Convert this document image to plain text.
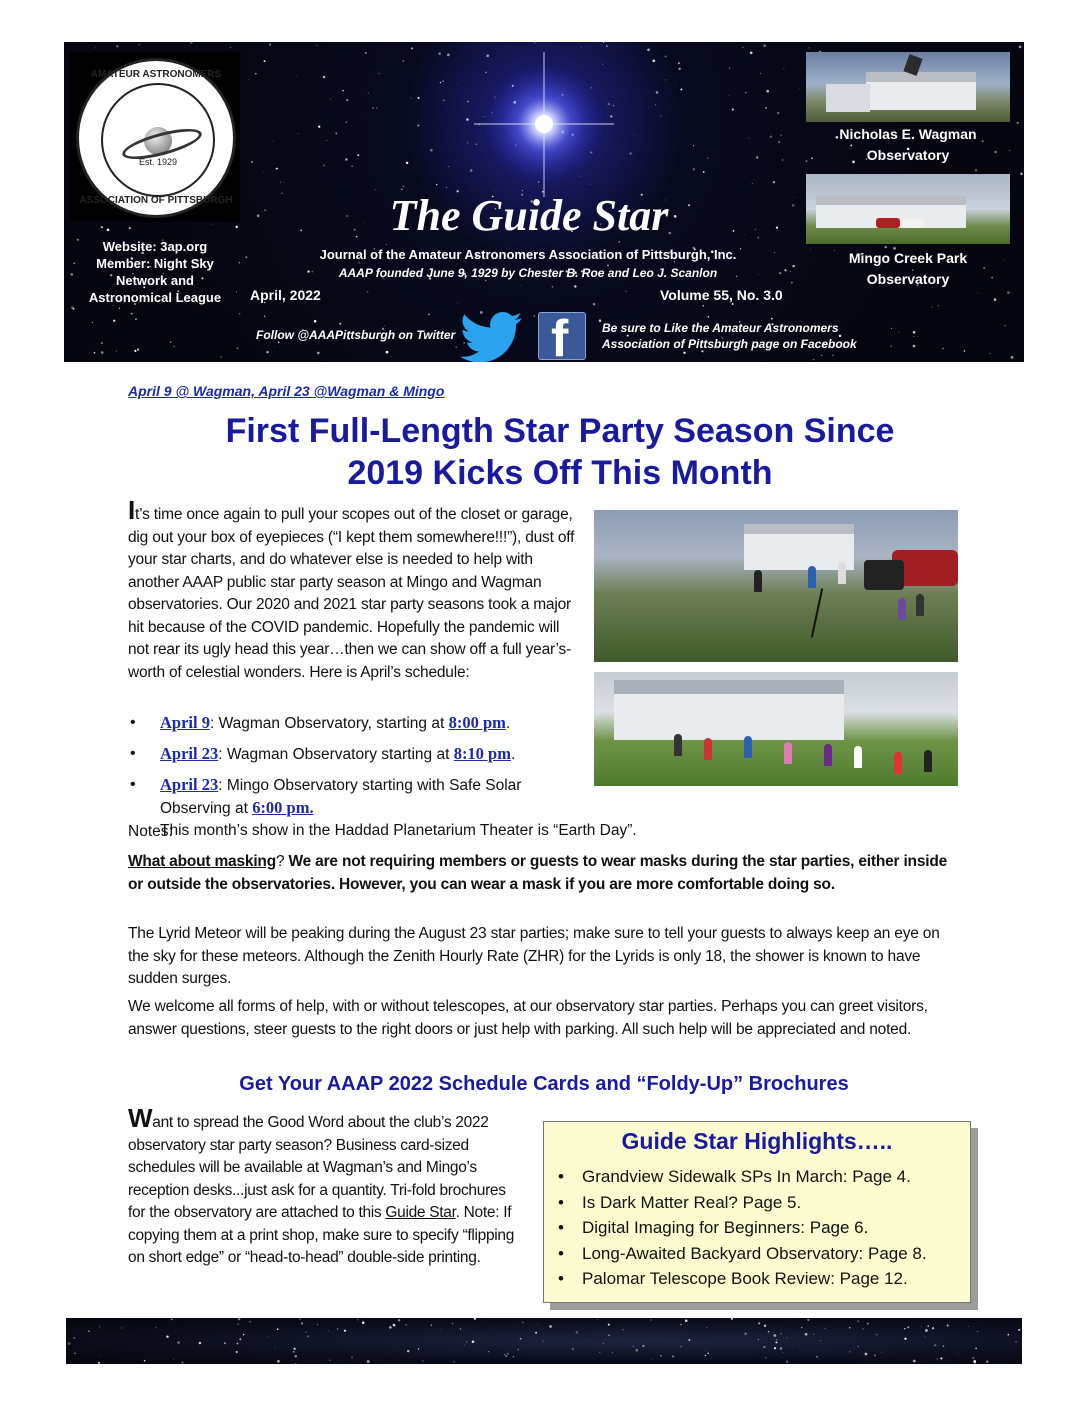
AMATEUR ASTRONOMERS
Est. 1929
ASSOCIATION OF PITTSBURGH
Website: 3ap.org
Member: Night Sky
Network and
Astronomical League
The Guide Star
Journal of the Amateur Astronomers Association of Pittsburgh, Inc.
AAAP founded June 9, 1929 by Chester B. Roe and Leo J. Scanlon
April, 2022	Volume 55, No. 3.0
Follow @AAAPittsburgh on Twitter f	Be sure to Like the Amateur Astronomers Association of Pittsburgh page on Facebook
Nicholas E. Wagman
Observatory
Mingo Creek Park
Observatory
April 9 @ Wagman, April 23 @Wagman & Mingo
First Full-Length Star Party Season Since
2019 Kicks Off This Month
It’s time once again to pull your scopes out of the closet or garage, dig out your box of eyepieces (“I kept them somewhere!!!”), dust off your star charts, and do whatever else is needed to help with another AAAP public star party season at Mingo and Wagman observatories. Our 2020 and 2021 star party seasons took a major hit because of the COVID pandemic. Hopefully the pandemic will not rear its ugly head this year…then we can show off a full year’s-worth of celestial wonders. Here is April’s schedule:
• April 9: Wagman Observatory, starting at 8:00 pm.
• April 23: Wagman Observatory starting at 8:10 pm.
• April 23: Mingo Observatory starting with Safe Solar Observing at 6:00 pm. This month’s show in the Haddad Planetarium Theater is “Earth Day”.
Notes:
What about masking? We are not requiring members or guests to wear masks during the star parties, either inside or outside the observatories. However, you can wear a mask if you are more comfortable doing so.
The Lyrid Meteor will be peaking during the August 23 star parties; make sure to tell your guests to always keep an eye on the sky for these meteors. Although the Zenith Hourly Rate (ZHR) for the Lyrids is only 18, the shower is known to have sudden surges.
We welcome all forms of help, with or without telescopes, at our observatory star parties. Perhaps you can greet visitors, answer questions, steer guests to the right doors or just help with parking. All such help will be appreciated and noted.
Get Your AAAP 2022 Schedule Cards and “Foldy-Up” Brochures
Want to spread the Good Word about the club’s 2022 observatory star party season? Business card-sized schedules will be available at Wagman’s and Mingo’s reception desks...just ask for a quantity. Tri-fold brochures for the observatory are attached to this Guide Star. Note: If copying them at a print shop, make sure to specify “flipping on short edge” or “head-to-head” double-side printing.
Guide Star Highlights…..
• Grandview Sidewalk SPs In March: Page 4.
• Is Dark Matter Real? Page 5.
• Digital Imaging for Beginners: Page 6.
• Long-Awaited Backyard Observatory: Page 8.
• Palomar Telescope Book Review: Page 12.
